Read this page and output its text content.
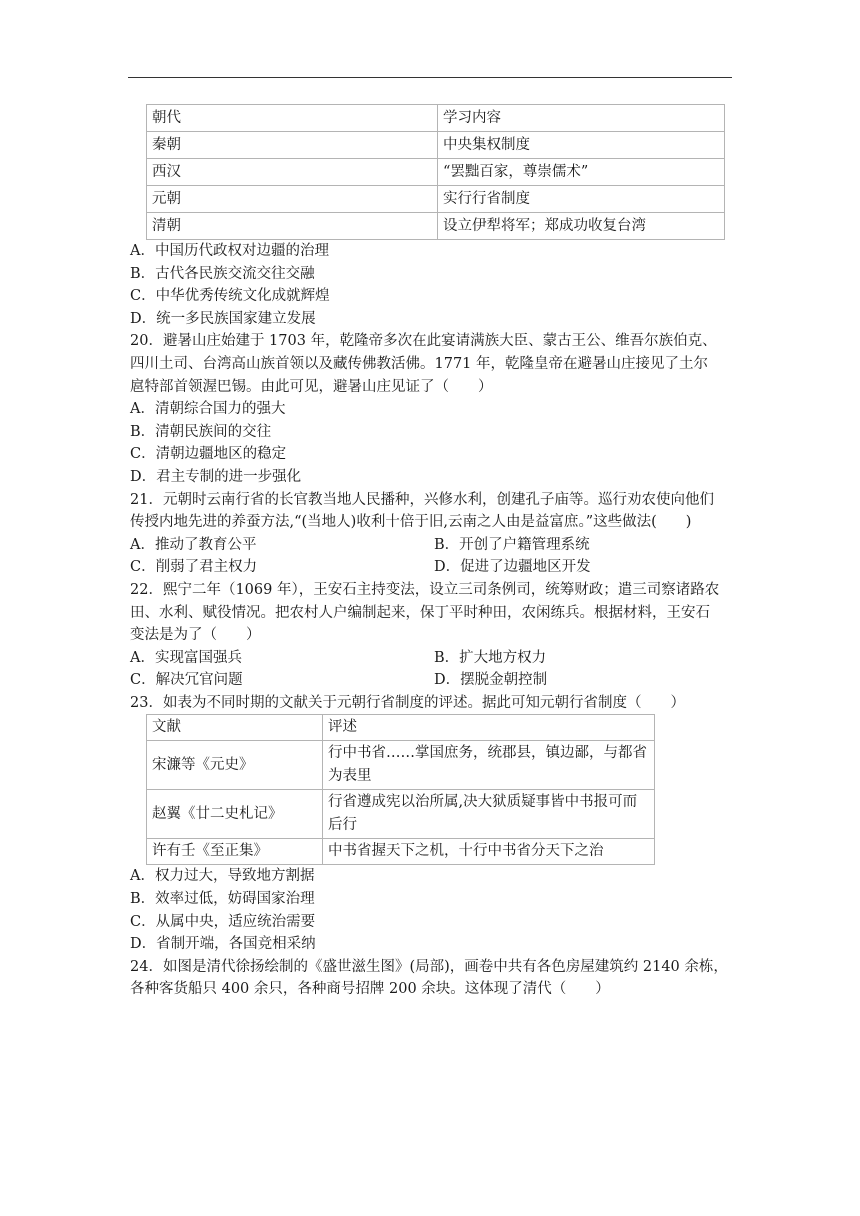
朝代	学习内容
秦朝	中央集权制度
西汉	“罢黜百家，尊崇儒术”
元朝	实行行省制度
清朝	设立伊犁将军；郑成功收复台湾
A．中国历代政权对边疆的治理
B．古代各民族交流交往交融
C．中华优秀传统文化成就辉煌
D．统一多民族国家建立发展
20．避暑山庄始建于 1703 年，乾隆帝多次在此宴请满族大臣、蒙古王公、维吾尔族伯克、
四川土司、台湾高山族首领以及藏传佛教活佛。1771 年，乾隆皇帝在避暑山庄接见了土尔
扈特部首领渥巴锡。由此可见，避暑山庄见证了（　　）
A．清朝综合国力的强大
B．清朝民族间的交往
C．清朝边疆地区的稳定
D．君主专制的进一步强化
21．元朝时云南行省的长官教当地人民播种，兴修水利，创建孔子庙等。巡行劝农使向他们
传授内地先进的养蚕方法,“(当地人)收利十倍于旧,云南之人由是益富庶。”这些做法(　　)
A．推动了教育公平	B．开创了户籍管理系统
C．削弱了君主权力	D．促进了边疆地区开发
22．熙宁二年（1069 年），王安石主持变法，设立三司条例司，统筹财政；遣三司察诸路农
田、水利、赋役情况。把农村人户编制起来，保丁平时种田，农闲练兵。根据材料，王安石
变法是为了（　　）
A．实现富国强兵	B．扩大地方权力
C．解决冗官问题	D．摆脱金朝控制
23．如表为不同时期的文献关于元朝行省制度的评述。据此可知元朝行省制度（　　）
文献	评述
宋濂等《元史》	行中书省……掌国庶务，统郡县，镇边鄙，与都省为表里
赵翼《廿二史札记》	行省遵成宪以治所属,决大狱质疑事皆中书报可而后行
许有壬《至正集》	中书省握天下之机，十行中书省分天下之治
A．权力过大，导致地方割据
B．效率过低，妨碍国家治理
C．从属中央，适应统治需要
D．省制开端，各国竞相采纳
24．如图是清代徐扬绘制的《盛世滋生图》(局部)，画卷中共有各色房屋建筑约 2140 余栋，
各种客货船只 400 余只，各种商号招牌 200 余块。这体现了清代（　　）
